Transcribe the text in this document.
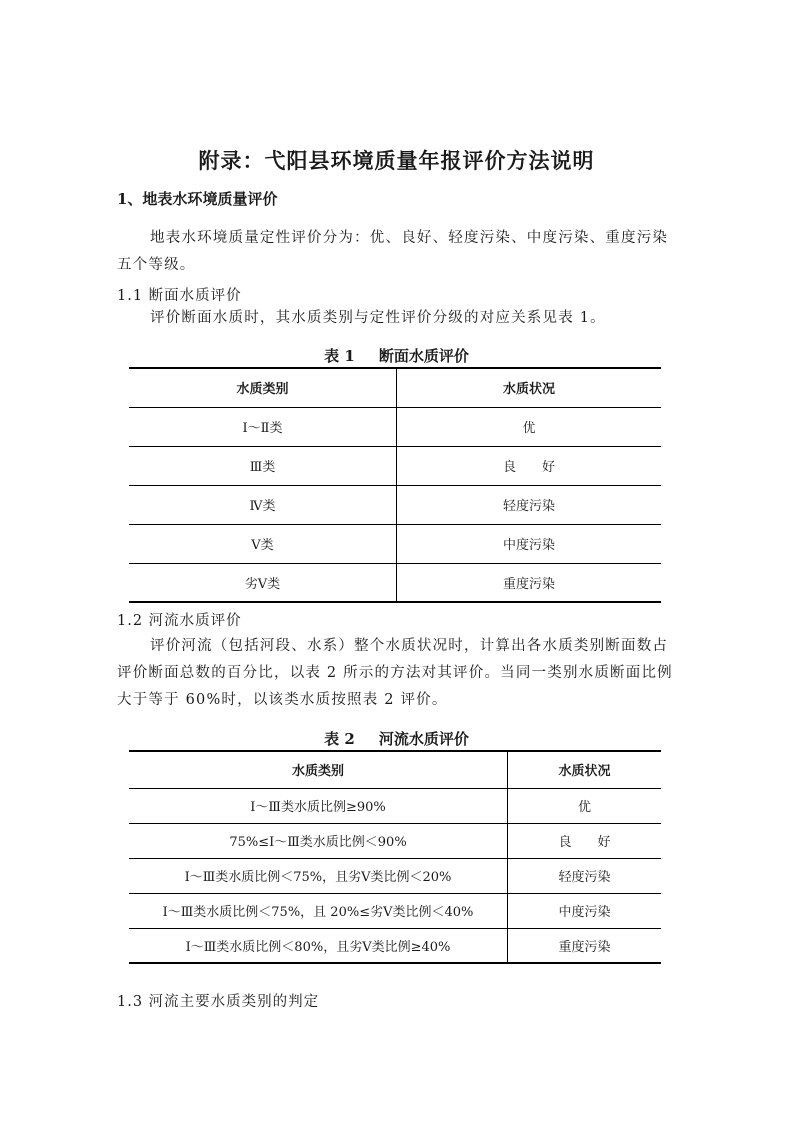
附录：弋阳县环境质量年报评价方法说明
1、地表水环境质量评价
地表水环境质量定性评价分为：优、良好、轻度污染、中度污染、重度污染
五个等级。
1.1 断面水质评价
评价断面水质时，其水质类别与定性评价分级的对应关系见表 1。
表 1 断面水质评价
水质类别	水质状况
Ⅰ～Ⅱ类	优
Ⅲ类	良　　好
Ⅳ类	轻度污染
Ⅴ类	中度污染
劣Ⅴ类	重度污染
1.2 河流水质评价
评价河流（包括河段、水系）整个水质状况时，计算出各水质类别断面数占
评价断面总数的百分比，以表 2 所示的方法对其评价。当同一类别水质断面比例
大于等于 60%时，以该类水质按照表 2 评价。
表 2 河流水质评价
水质类别	水质状况
Ⅰ～Ⅲ类水质比例≥90%	优
75%≤Ⅰ～Ⅲ类水质比例＜90%	良　　好
Ⅰ～Ⅲ类水质比例＜75%，且劣Ⅴ类比例＜20%	轻度污染
Ⅰ～Ⅲ类水质比例＜75%，且 20%≤劣Ⅴ类比例＜40%	中度污染
Ⅰ～Ⅲ类水质比例＜80%，且劣Ⅴ类比例≥40%	重度污染
1.3 河流主要水质类别的判定
